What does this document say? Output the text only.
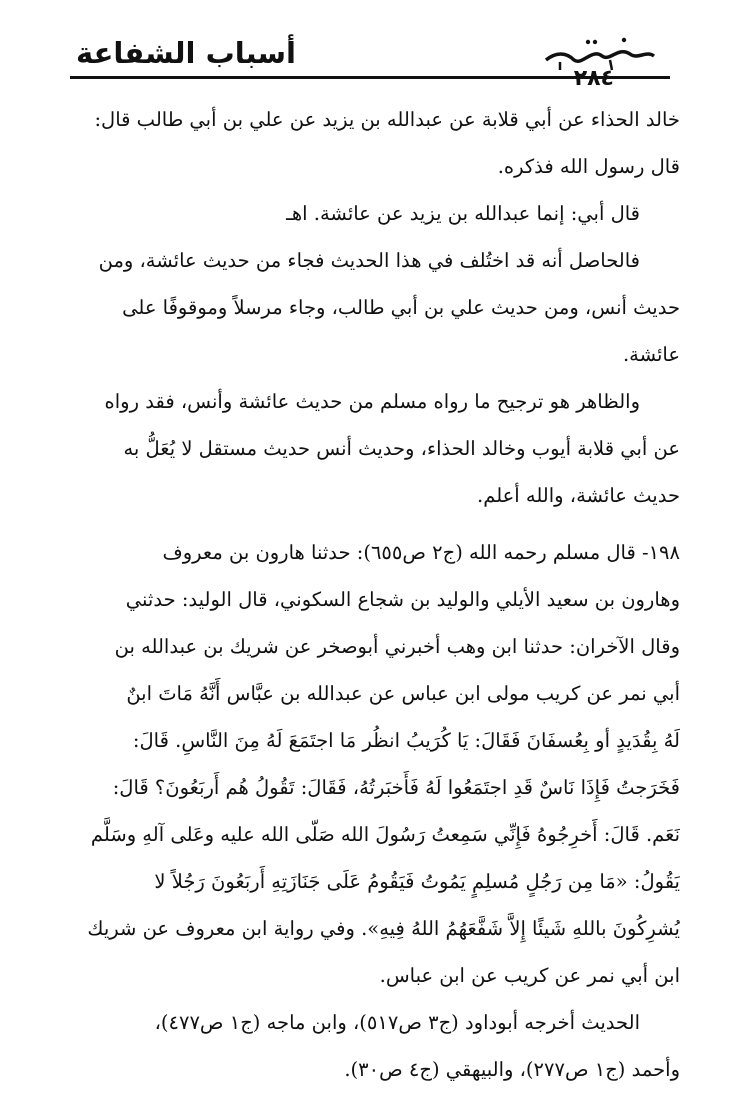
أسباب الشفاعة
٢٨٤
خالد الحذاء عن أبي قلابة عن عبدالله بن يزيد عن علي بن أبي طالب قال:
قال رسول الله فذكره.
قال أبي: إنما عبدالله بن يزيد عن عائشة. اهـ
فالحاصل أنه قد اختُلف في هذا الحديث فجاء من حديث عائشة، ومن
حديث أنس، ومن حديث علي بن أبي طالب، وجاء مرسلاً وموقوفًا على
عائشة.
والظاهر هو ترجيح ما رواه مسلم من حديث عائشة وأنس، فقد رواه
عن أبي قلابة أيوب وخالد الحذاء، وحديث أنس حديث مستقل لا يُعَلُّ به
حديث عائشة، والله أعلم.
١٩٨- قال مسلم رحمه الله (ج٢ ص٦٥٥): حدثنا هارون بن معروف
وهارون بن سعيد الأيلي والوليد بن شجاع السكوني، قال الوليد: حدثني
وقال الآخران: حدثنا ابن وهب أخبرني أبوصخر عن شريك بن عبدالله بن
أبي نمر عن كريب مولى ابن عباس عن عبدالله بن عبَّاس أَنَّهُ مَاتَ ابنٌ
لَهُ بِقُدَيدٍ أو بِعُسفَانَ فَقَالَ: يَا كُرَيبُ انظُر مَا اجتَمَعَ لَهُ مِنَ النَّاسِ. قَالَ:
فَخَرَجتُ فَإِذَا نَاسٌ قَدِ اجتَمَعُوا لَهُ فَأَخبَرتُهُ، فَقَالَ: تَقُولُ هُم أَربَعُونَ؟ قَالَ:
نَعَم. قَالَ: أَخرِجُوهُ فَإِنِّي سَمِعتُ رَسُولَ الله صَلّى الله عليه وعَلى آلهِ وسَلَّم
يَقُولُ: «مَا مِن رَجُلٍ مُسلِمٍ يَمُوتُ فَيَقُومُ عَلَى جَنَازَتِهِ أَربَعُونَ رَجُلاً لا
يُشرِكُونَ باللهِ شَيئًا إِلاَّ شَفَّعَهُمُ اللهُ فِيهِ». وفي رواية ابن معروف عن شريك
ابن أبي نمر عن كريب عن ابن عباس.
الحديث أخرجه أبوداود (ج٣ ص٥١٧)، وابن ماجه (ج١ ص٤٧٧)،
وأحمد (ج١ ص٢٧٧)، والبيهقي (ج٤ ص٣٠).
